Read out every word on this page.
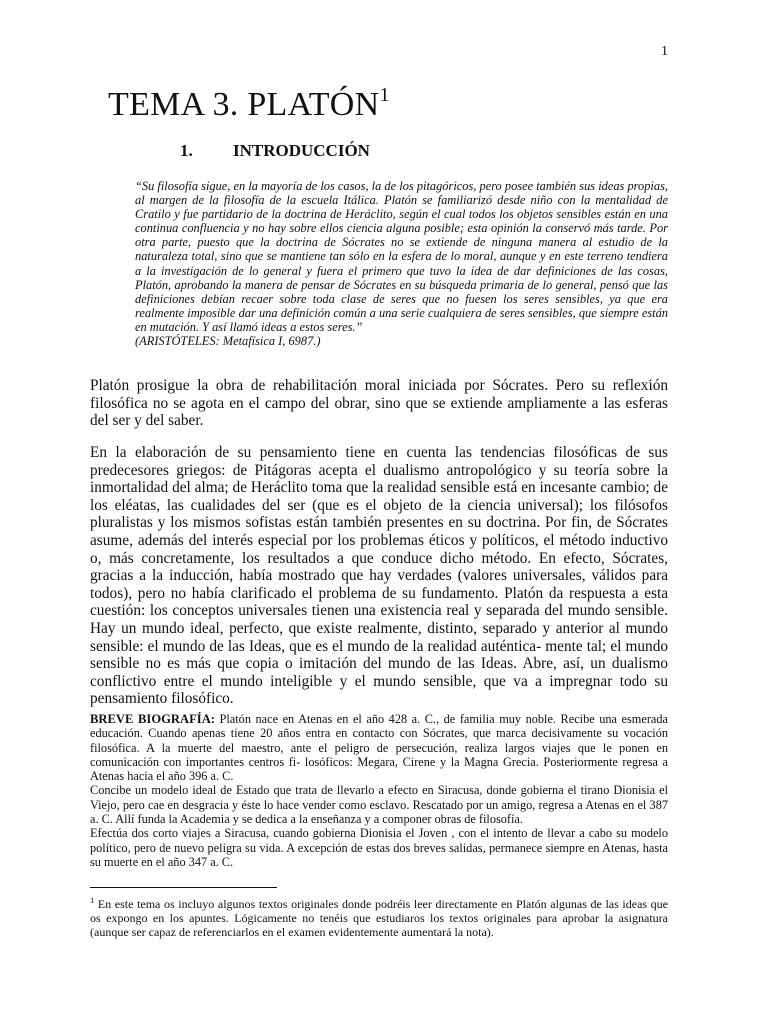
1
TEMA 3. PLATÓN$^1$
1. INTRODUCCIÓN

“Su filosofía sigue, en la mayoría de los casos, la de los pitagóricos, pero posee también sus ideas propias, al margen de la filosofía de la escuela Itálica. Platón se familiarizó desde niño con la mentalidad de Cratilo y fue partidario de la doctrina de Heráclito, según el cual todos los objetos sensibles están en una continua confluencia y no hay sobre ellos ciencia alguna posible; esta opinión la conservó más tarde. Por otra parte, puesto que la doctrina de Sócrates no se extiende de ninguna manera al estudio de la naturaleza total, sino que se mantiene tan sólo en la esfera de lo moral, aunque y en este terreno tendiera a la investigación de lo general y fuera el primero que tuvo la idea de dar definiciones de las cosas, Platón, aprobando la manera de pensar de Sócrates en su búsqueda primaria de lo general, pensó que las definiciones debían recaer sobre toda clase de seres que no fuesen los seres sensibles, ya que era realmente imposible dar una definición común a una serie cualquiera de seres sensibles, que siempre están en mutación. Y así llamó ideas a estos seres.”
(ARISTÓTELES: Metafísica I, 6987.)

Platón prosigue la obra de rehabilitación moral iniciada por Sócrates. Pero su reflexión filosófica no se agota en el campo del obrar, sino que se extiende ampliamente a las esferas del ser y del saber.

En la elaboración de su pensamiento tiene en cuenta las tendencias filosóficas de sus predecesores griegos: de Pitágoras acepta el dualismo antropológico y su teoría sobre la inmortalidad del alma; de Heráclito toma que la realidad sensible está en incesante cambio; de los eléatas, las cualidades del ser (que es el objeto de la ciencia universal); los filósofos pluralistas y los mismos sofistas están también presentes en su doctrina. Por fin, de Sócrates asume, además del interés especial por los problemas éticos y políticos, el método inductivo o, más concretamente, los resultados a que conduce dicho método. En efecto, Sócrates, gracias a la inducción, había mostrado que hay verdades (valores universales, válidos para todos), pero no había clarificado el problema de su fundamento. Platón da respuesta a esta cuestión: los conceptos universales tienen una existencia real y separada del mundo sensible. Hay un mundo ideal, perfecto, que existe realmente, distinto, separado y anterior al mundo sensible: el mundo de las Ideas, que es el mundo de la realidad auténtica- mente tal; el mundo sensible no es más que copia o imitación del mundo de las Ideas. Abre, así, un dualismo conflictivo entre el mundo inteligible y el mundo sensible, que va a impregnar todo su pensamiento filosófico.

BREVE BIOGRAFÍA: Platón nace en Atenas en el año 428 a. C., de familia muy noble. Recibe una esmerada educación. Cuando apenas tiene 20 años entra en contacto con Sócrates, que marca decisivamente su vocación filosófica. A la muerte del maestro, ante el peligro de persecución, realiza largos viajes que le ponen en comunicación con importantes centros fi- losóficos: Megara, Cirene y la Magna Grecia. Posteriormente regresa a Atenas hacia el año 396 a. C.

Concibe un modelo ideal de Estado que trata de llevarlo a efecto en Siracusa, donde gobierna el tirano Dionisia el Viejo, pero cae en desgracia y éste lo hace vender como esclavo. Rescatado por un amigo, regresa a Atenas en el 387 a. C. Allí funda la Academia y se dedica a la enseñanza y a componer obras de filosofía.

Efectúa dos corto viajes a Siracusa, cuando gobierna Dionisia el Joven , con el intento de llevar a cabo su modelo político, pero de nuevo peligra su vida. A excepción de estas dos breves salidas, permanece siempre en Atenas, hasta su muerte en el año 347 a. C.

$^1$ En este tema os incluyo algunos textos originales donde podréis leer directamente en Platón algunas de las ideas que os expongo en los apuntes. Lógicamente no tenéis que estudiaros los textos originales para aprobar la asignatura (aunque ser capaz de referenciarlos en el examen evidentemente aumentará la nota).
